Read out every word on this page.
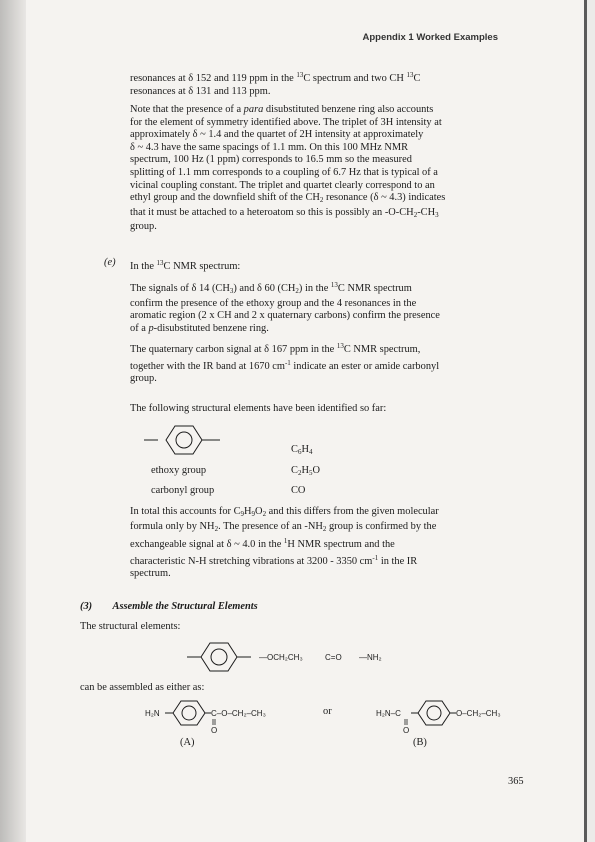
Appendix 1 Worked Examples
resonances at δ 152 and 119 ppm in the $^{13}$C spectrum and two CH $^{13}$C
resonances at δ 131 and 113 ppm.
Note that the presence of a para disubstituted benzene ring also accounts
for the element of symmetry identified above. The triplet of 3H intensity at
approximately δ ~ 1.4 and the quartet of 2H intensity at approximately
δ ~ 4.3 have the same spacings of 1.1 mm. On this 100 MHz NMR
spectrum, 100 Hz (1 ppm) corresponds to 16.5 mm so the measured
splitting of 1.1 mm corresponds to a coupling of 6.7 Hz that is typical of a
vicinal coupling constant. The triplet and quartet clearly correspond to an
ethyl group and the downfield shift of the $CH_2$ resonance (δ ~ 4.3) indicates
that it must be attached to a heteroatom so this is possibly an $-O-CH_2-CH_3$
group.
(e) In the $^{13}$C NMR spectrum:
The signals of δ 14 $(CH_3)$ and δ 60 $(CH_2)$ in the $^{13}$C NMR spectrum
confirm the presence of the ethoxy group and the 4 resonances in the
aromatic region (2 x CH and 2 x quaternary carbons) confirm the presence
of a p-disubstituted benzene ring.
The quaternary carbon signal at δ 167 ppm in the $^{13}$C NMR spectrum,
together with the IR band at 1670 $cm^{-1}$ indicate an ester or amide carbonyl
group.
The following structural elements have been identified so far:
$C_6H_4$
ethoxy group	$C_2H_5O$
carbonyl group	CO
In total this accounts for $C_9H_9O_2$ and this differs from the given molecular
formula only by $NH_2$. The presence of an $-NH_2$ group is confirmed by the
exchangeable signal at δ ~ 4.0 in the $^1$H NMR spectrum and the
characteristic N-H stretching vibrations at 3200 - 3350 $cm^{-1}$ in the IR
spectrum.
(3)        Assemble the Structural Elements
The structural elements:
—OCH₂CH₃	C=O —NH₂
can be assembled as either as:
H₂N	C–O–CH₂–CH₃
O
(A)
or	H₂N–C
O
O–CH₂–CH₃
(B)
365
